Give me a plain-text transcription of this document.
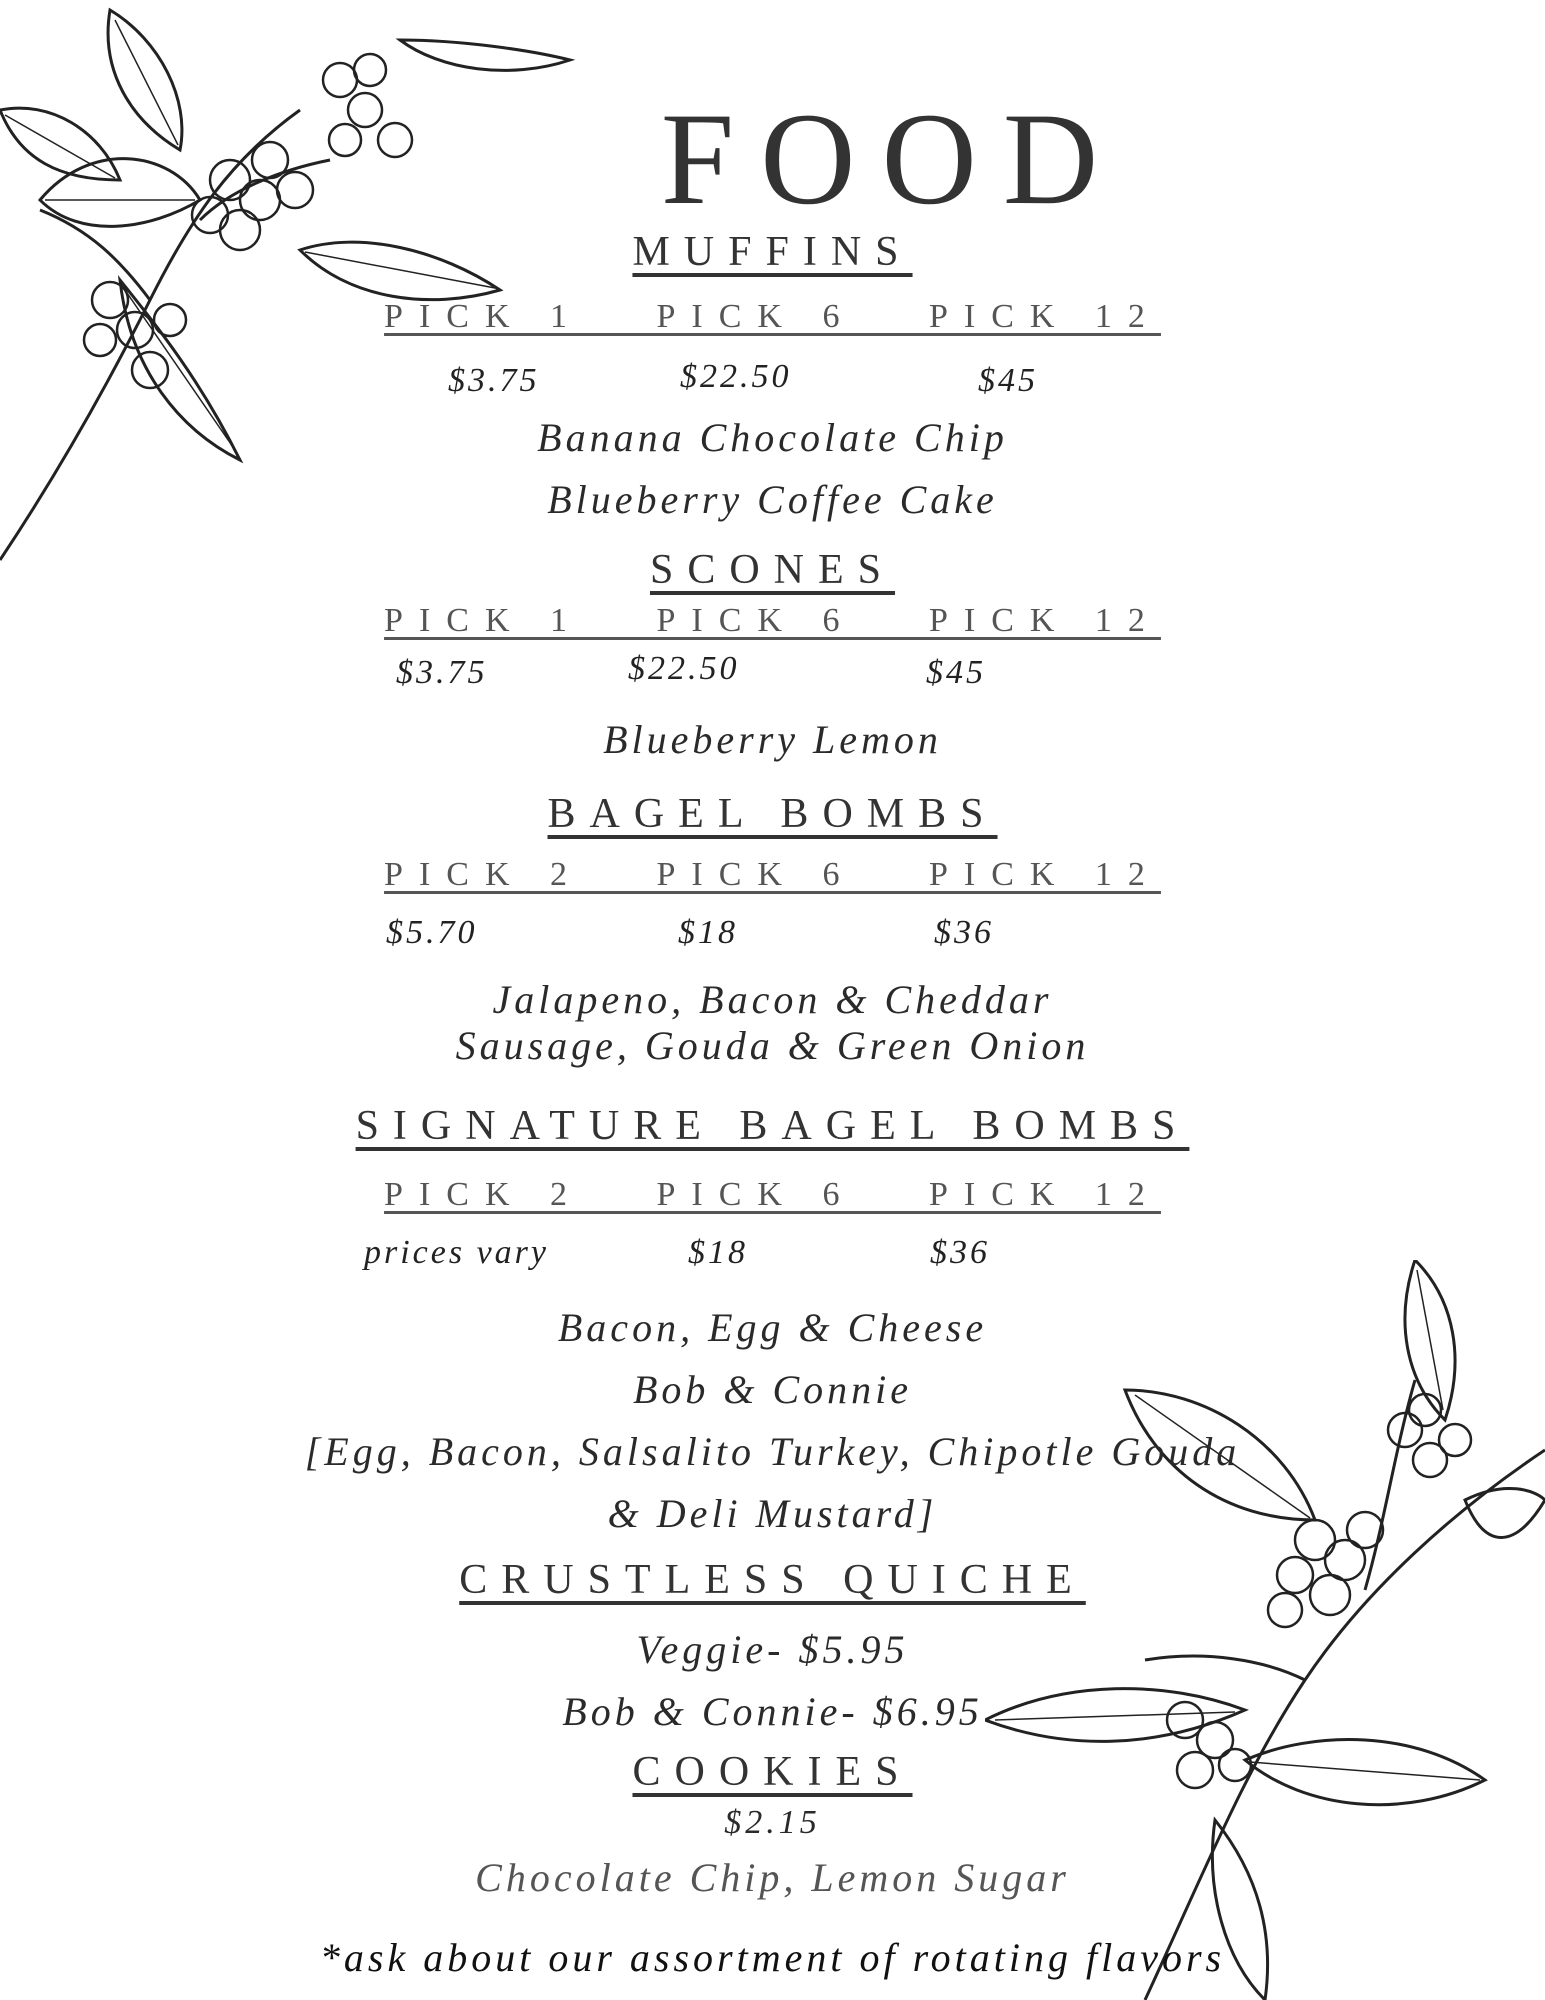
FOOD
MUFFINS
PICK 1   PICK 6   PICK 12
$3.75	$22.50	$45
Banana Chocolate Chip
Blueberry Coffee Cake
SCONES
PICK 1   PICK 6   PICK 12
$3.75	$22.50	$45
Blueberry Lemon
BAGEL BOMBS
PICK 2   PICK 6   PICK 12
$5.70	$18	$36
Jalapeno, Bacon & Cheddar
Sausage, Gouda & Green Onion
SIGNATURE BAGEL BOMBS
PICK 2   PICK 6   PICK 12
prices vary	$18	$36
Bacon, Egg & Cheese
Bob & Connie
[Egg, Bacon, Salsalito Turkey, Chipotle Gouda
& Deli Mustard]
CRUSTLESS QUICHE
Veggie- $5.95
Bob & Connie- $6.95
COOKIES
$2.15
Chocolate Chip, Lemon Sugar
*ask about our assortment of rotating flavors
